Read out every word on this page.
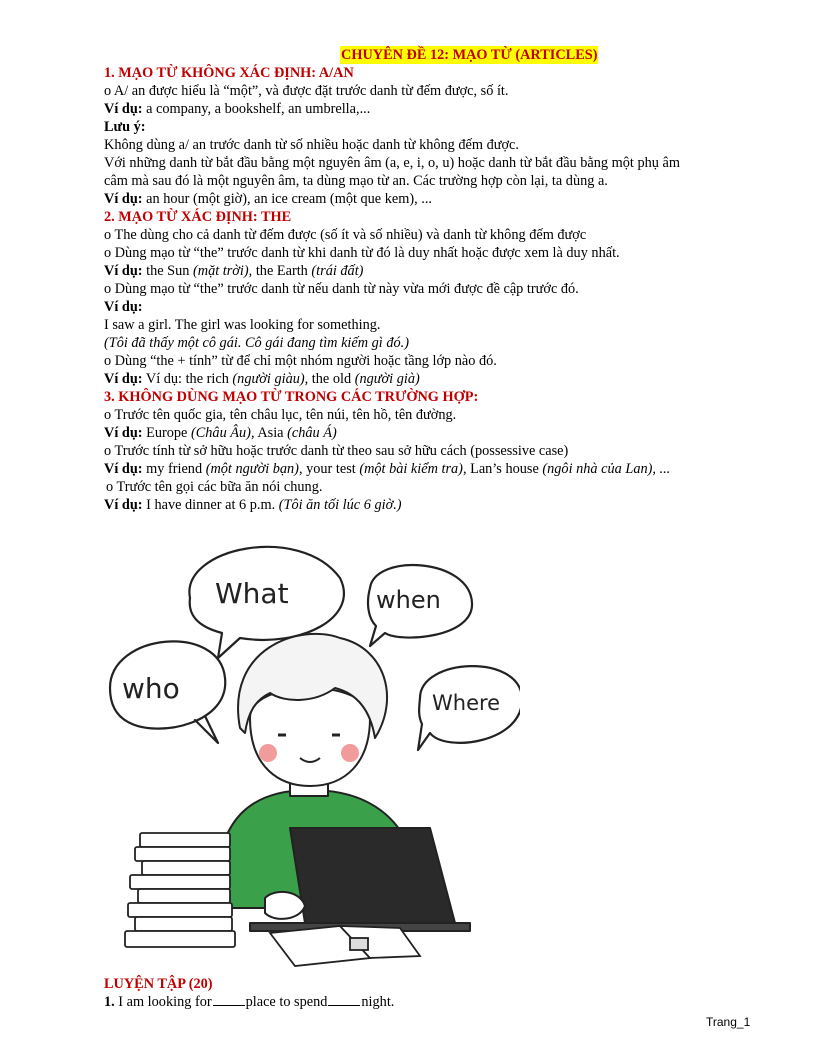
CHUYÊN ĐỀ 12: MẠO TỪ (ARTICLES)
1. MẠO TỪ KHÔNG XÁC ĐỊNH: A/AN
o A/ an được hiểu là “một”, và được đặt trước danh từ đếm được, số ít.
Ví dụ: a company, a bookshelf, an umbrella,...
Lưu ý:
Không dùng a/ an trước danh từ số nhiều hoặc danh từ không đếm được.
Với những danh từ bắt đầu bằng một nguyên âm (a, e, i, o, u) hoặc danh từ bắt đầu bằng một phụ âm
câm mà sau đó là một nguyên âm, ta dùng mạo từ an. Các trường hợp còn lại, ta dùng a.
Ví dụ: an hour (một giờ), an ice cream (một que kem), ...
2. MẠO TỪ XÁC ĐỊNH: THE
o The dùng cho cả danh từ đếm được (số ít và số nhiều) và danh từ không đếm được
o Dùng mạo từ “the” trước danh từ khi danh từ đó là duy nhất hoặc được xem là duy nhất.
Ví dụ: the Sun (mặt trời), the Earth (trái đất)
o Dùng mạo từ “the” trước danh từ nếu danh từ này vừa mới được đề cập trước đó.
Ví dụ:
I saw a girl. The girl was looking for something.
(Tôi đã thấy một cô gái. Cô gái đang tìm kiếm gì đó.)
o Dùng “the + tính” từ để chỉ một nhóm người hoặc tầng lớp nào đó.
Ví dụ: Ví dụ: the rich (người giàu), the old (người già)
3. KHÔNG DÙNG MẠO TỪ TRONG CÁC TRƯỜNG HỢP:
o Trước tên quốc gia, tên châu lục, tên núi, tên hồ, tên đường.
Ví dụ: Europe (Châu Âu), Asia (châu Á)
o Trước tính từ sở hữu hoặc trước danh từ theo sau sở hữu cách (possessive case)
Ví dụ: my friend (một người bạn), your test (một bài kiểm tra), Lan’s house (ngôi nhà của Lan), ...
o Trước tên gọi các bữa ăn nói chung.
Ví dụ: I have dinner at 6 p.m. (Tôi ăn tối lúc 6 giờ.)
What	when
who	Where
LUYỆN TẬP (20)
1. I am looking for place to spend night.
Trang_1
